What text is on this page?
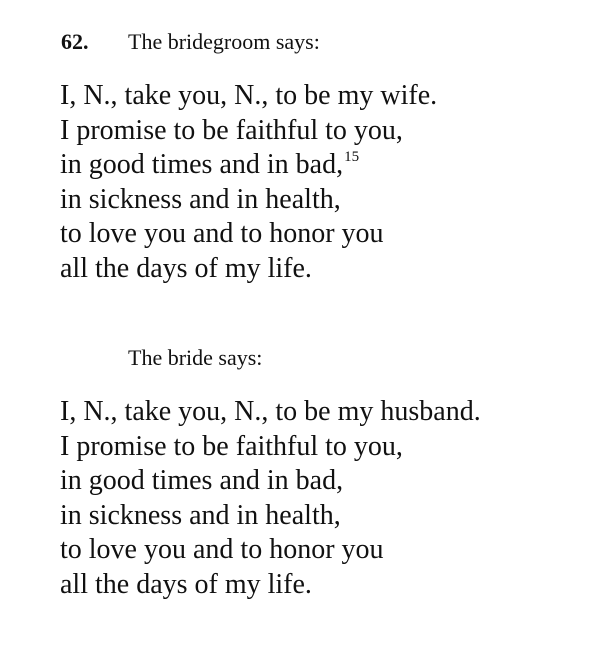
62. The bridegroom says:
I, N., take you, N., to be my wife.
I promise to be faithful to you,
in good times and in bad,$^{15}$
in sickness and in health,
to love you and to honor you
all the days of my life.
The bride says:
I, N., take you, N., to be my husband.
I promise to be faithful to you,
in good times and in bad,
in sickness and in health,
to love you and to honor you
all the days of my life.
